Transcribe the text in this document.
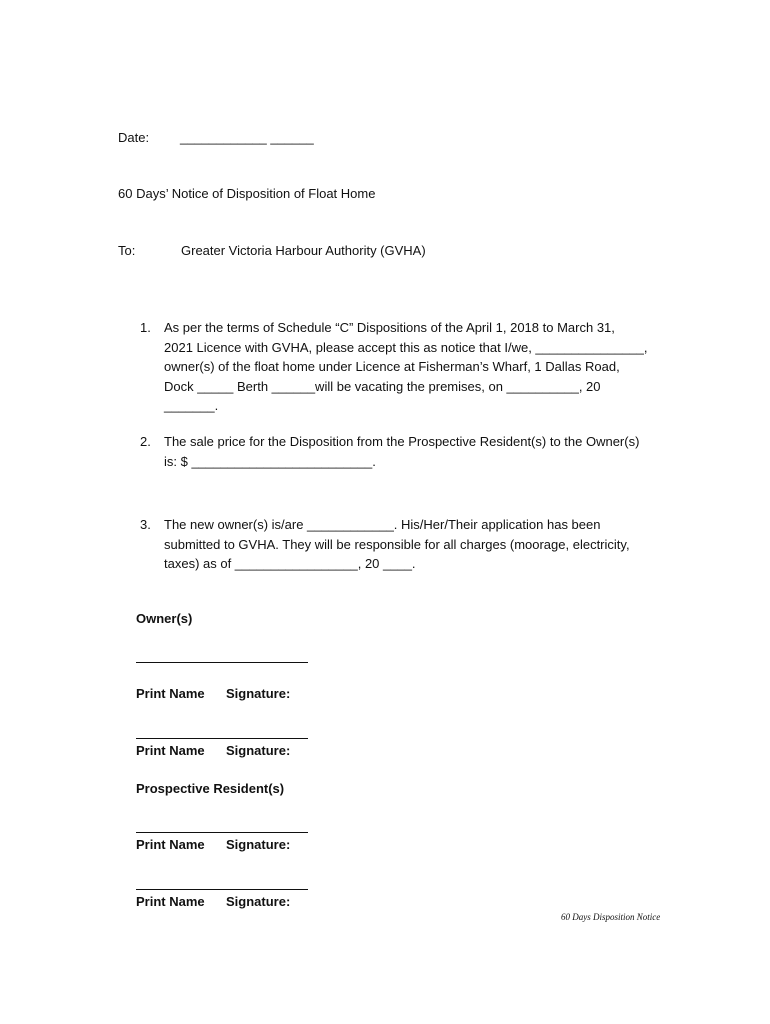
Date: ____________ ______
60 Days’ Notice of Disposition of Float Home
To:	Greater Victoria Harbour Authority (GVHA)
1. As per the terms of Schedule “C” Dispositions of the April 1, 2018 to March 31,
2021 Licence with GVHA, please accept this as notice that I/we, _______________,
owner(s) of the float home under Licence at Fisherman’s Wharf, 1 Dallas Road,
Dock _____ Berth ______will be vacating the premises, on __________, 20
_______.
2. The sale price for the Disposition from the Prospective Resident(s) to the Owner(s)
is: $ _________________________.
3. The new owner(s) is/are ____________. His/Her/Their application has been
submitted to GVHA. They will be responsible for all charges (moorage, electricity,
taxes) as of _________________, 20 ____.
Owner(s)
Print Name Signature:
Print Name Signature:
Prospective Resident(s)
Print Name Signature:
Print Name Signature:
60 Days Disposition Notice
